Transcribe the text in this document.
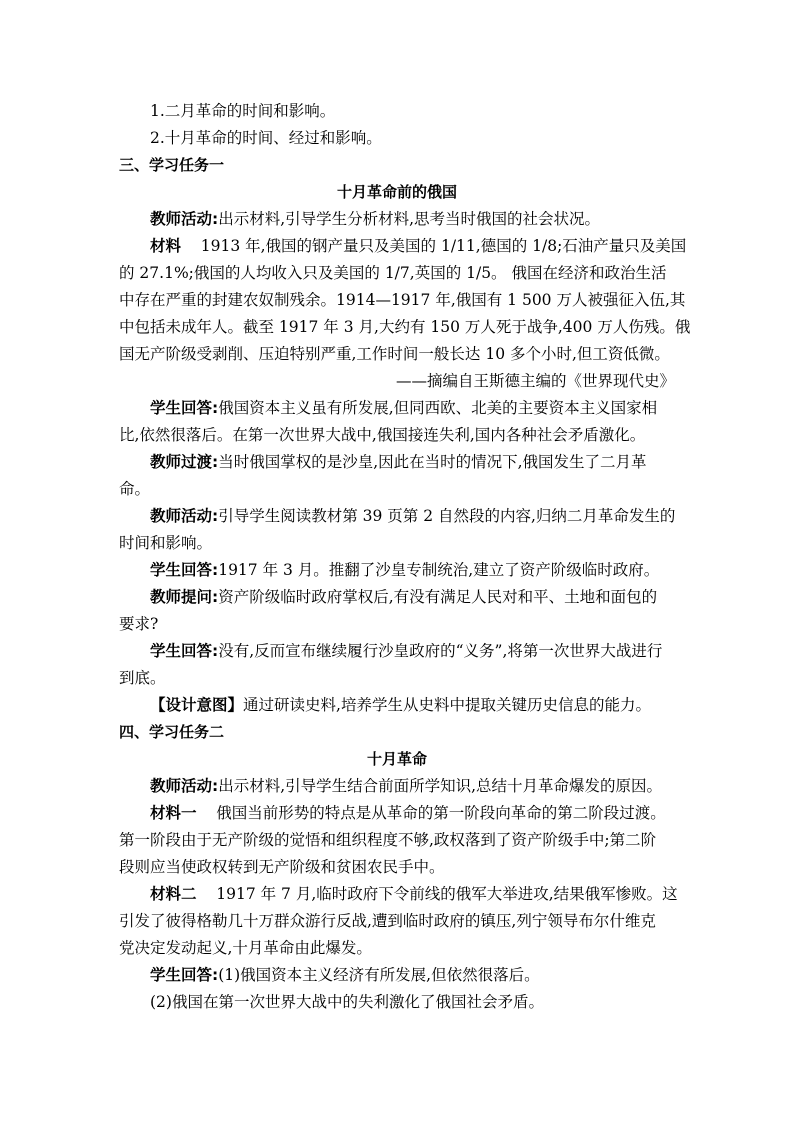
1.二月革命的时间和影响。
2.十月革命的时间、经过和影响。
三、学习任务一
十月革命前的俄国
教师活动:出示材料,引导学生分析材料,思考当时俄国的社会状况。
材料 1913 年,俄国的钢产量只及美国的 1/11,德国的 1/8;石油产量只及美国
的 27.1%;俄国的人均收入只及美国的 1/7,英国的 1/5。 俄国在经济和政治生活
中存在严重的封建农奴制残余。1914—1917 年,俄国有 1 500 万人被强征入伍,其
中包括未成年人。截至 1917 年 3 月,大约有 150 万人死于战争,400 万人伤残。俄
国无产阶级受剥削、压迫特别严重,工作时间一般长达 10 多个小时,但工资低微。
——摘编自王斯德主编的《世界现代史》
学生回答:俄国资本主义虽有所发展,但同西欧、北美的主要资本主义国家相
比,依然很落后。在第一次世界大战中,俄国接连失利,国内各种社会矛盾激化。
教师过渡:当时俄国掌权的是沙皇,因此在当时的情况下,俄国发生了二月革
命。
教师活动:引导学生阅读教材第 39 页第 2 自然段的内容,归纳二月革命发生的
时间和影响。
学生回答:1917 年 3 月。推翻了沙皇专制统治,建立了资产阶级临时政府。
教师提问:资产阶级临时政府掌权后,有没有满足人民对和平、土地和面包的
要求?
学生回答:没有,反而宣布继续履行沙皇政府的“义务”,将第一次世界大战进行
到底。
【设计意图】通过研读史料,培养学生从史料中提取关键历史信息的能力。
四、学习任务二
十月革命
教师活动:出示材料,引导学生结合前面所学知识,总结十月革命爆发的原因。
材料一 俄国当前形势的特点是从革命的第一阶段向革命的第二阶段过渡。
第一阶段由于无产阶级的觉悟和组织程度不够,政权落到了资产阶级手中;第二阶
段则应当使政权转到无产阶级和贫困农民手中。
材料二 1917 年 7 月,临时政府下令前线的俄军大举进攻,结果俄军惨败。这
引发了彼得格勒几十万群众游行反战,遭到临时政府的镇压,列宁领导布尔什维克
党决定发动起义,十月革命由此爆发。
学生回答:(1)俄国资本主义经济有所发展,但依然很落后。
(2)俄国在第一次世界大战中的失利激化了俄国社会矛盾。
